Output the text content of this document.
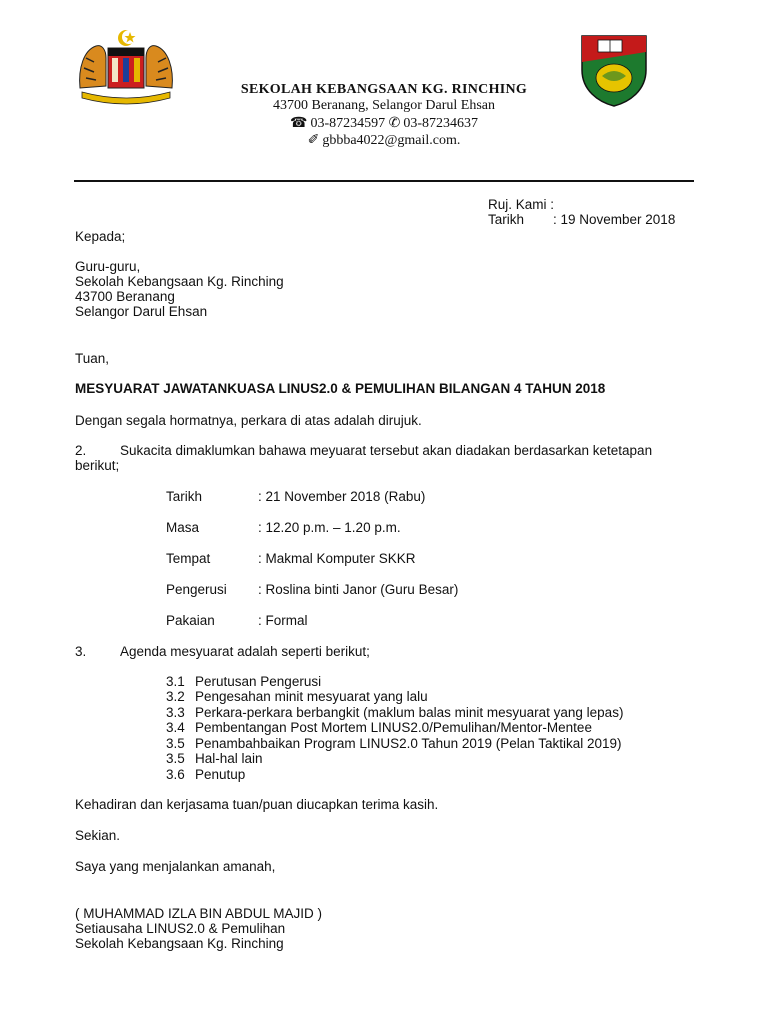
SEKOLAH KEBANGSAAN KG. RINCHING
43700 Beranang, Selangor Darul Ehsan
☎ 03-87234597 ✆ 03-87234637
✐ gbbba4022@gmail.com.
Ruj. Kami :
Tarikh : 19 November 2018
Kepada;
Guru-guru,
Sekolah Kebangsaan Kg. Rinching
43700 Beranang
Selangor Darul Ehsan
Tuan,
MESYUARAT JAWATANKUASA LINUS2.0 & PEMULIHAN BILANGAN 4 TAHUN 2018
Dengan segala hormatnya, perkara di atas adalah dirujuk.
2. Sukacita dimaklumkan bahawa meyuarat tersebut akan diadakan berdasarkan ketetapan
berikut;
Tarikh	: 21 November 2018 (Rabu)
Masa	: 12.20 p.m. – 1.20 p.m.
Tempat	: Makmal Komputer SKKR
Pengerusi : Roslina binti Janor (Guru Besar)
Pakaian	: Formal
3. Agenda mesyuarat adalah seperti berikut;
3.1 Perutusan Pengerusi
3.2 Pengesahan minit mesyuarat yang lalu
3.3 Perkara-perkara berbangkit (maklum balas minit mesyuarat yang lepas)
3.4 Pembentangan Post Mortem LINUS2.0/Pemulihan/Mentor-Mentee
3.5 Penambahbaikan Program LINUS2.0 Tahun 2019 (Pelan Taktikal 2019)
3.5 Hal-hal lain
3.6 Penutup
Kehadiran dan kerjasama tuan/puan diucapkan terima kasih.
Sekian.
Saya yang menjalankan amanah,
( MUHAMMAD IZLA BIN ABDUL MAJID )
Setiausaha LINUS2.0 & Pemulihan
Sekolah Kebangsaan Kg. Rinching
